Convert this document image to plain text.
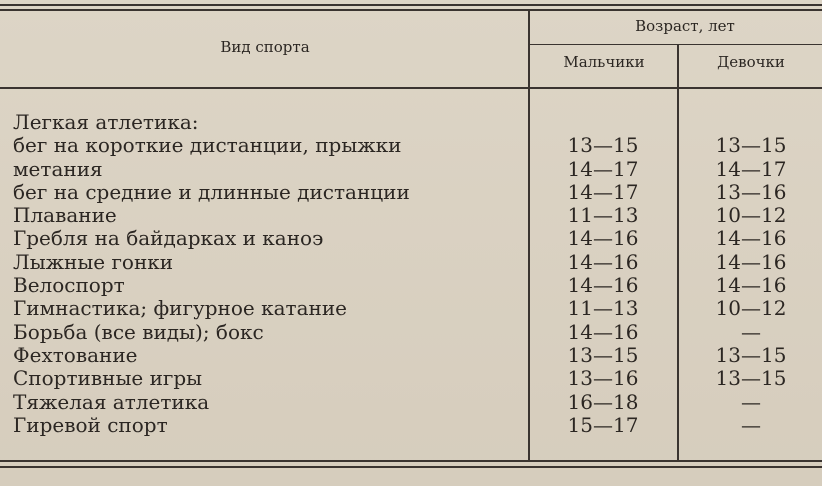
Вид спорта
Возраст, лет
Мальчики	Девочки
Легкая атлетика:
бег на короткие дистанции, прыжки	13—15	13—15
метания	14—17	14—17
бег на средние и длинные дистанции	14—17	13—16
Плавание	11—13	10—12
Гребля на байдарках и каноэ	14—16	14—16
Лыжные гонки	14—16	14—16
Велоспорт	14—16	14—16
Гимнастика; фигурное катание	11—13	10—12
Борьба (все виды); бокс	14—16	—
Фехтование	13—15	13—15
Спортивные игры	13—16	13—15
Тяжелая атлетика	16—18	—
Гиревой спорт	15—17	—
